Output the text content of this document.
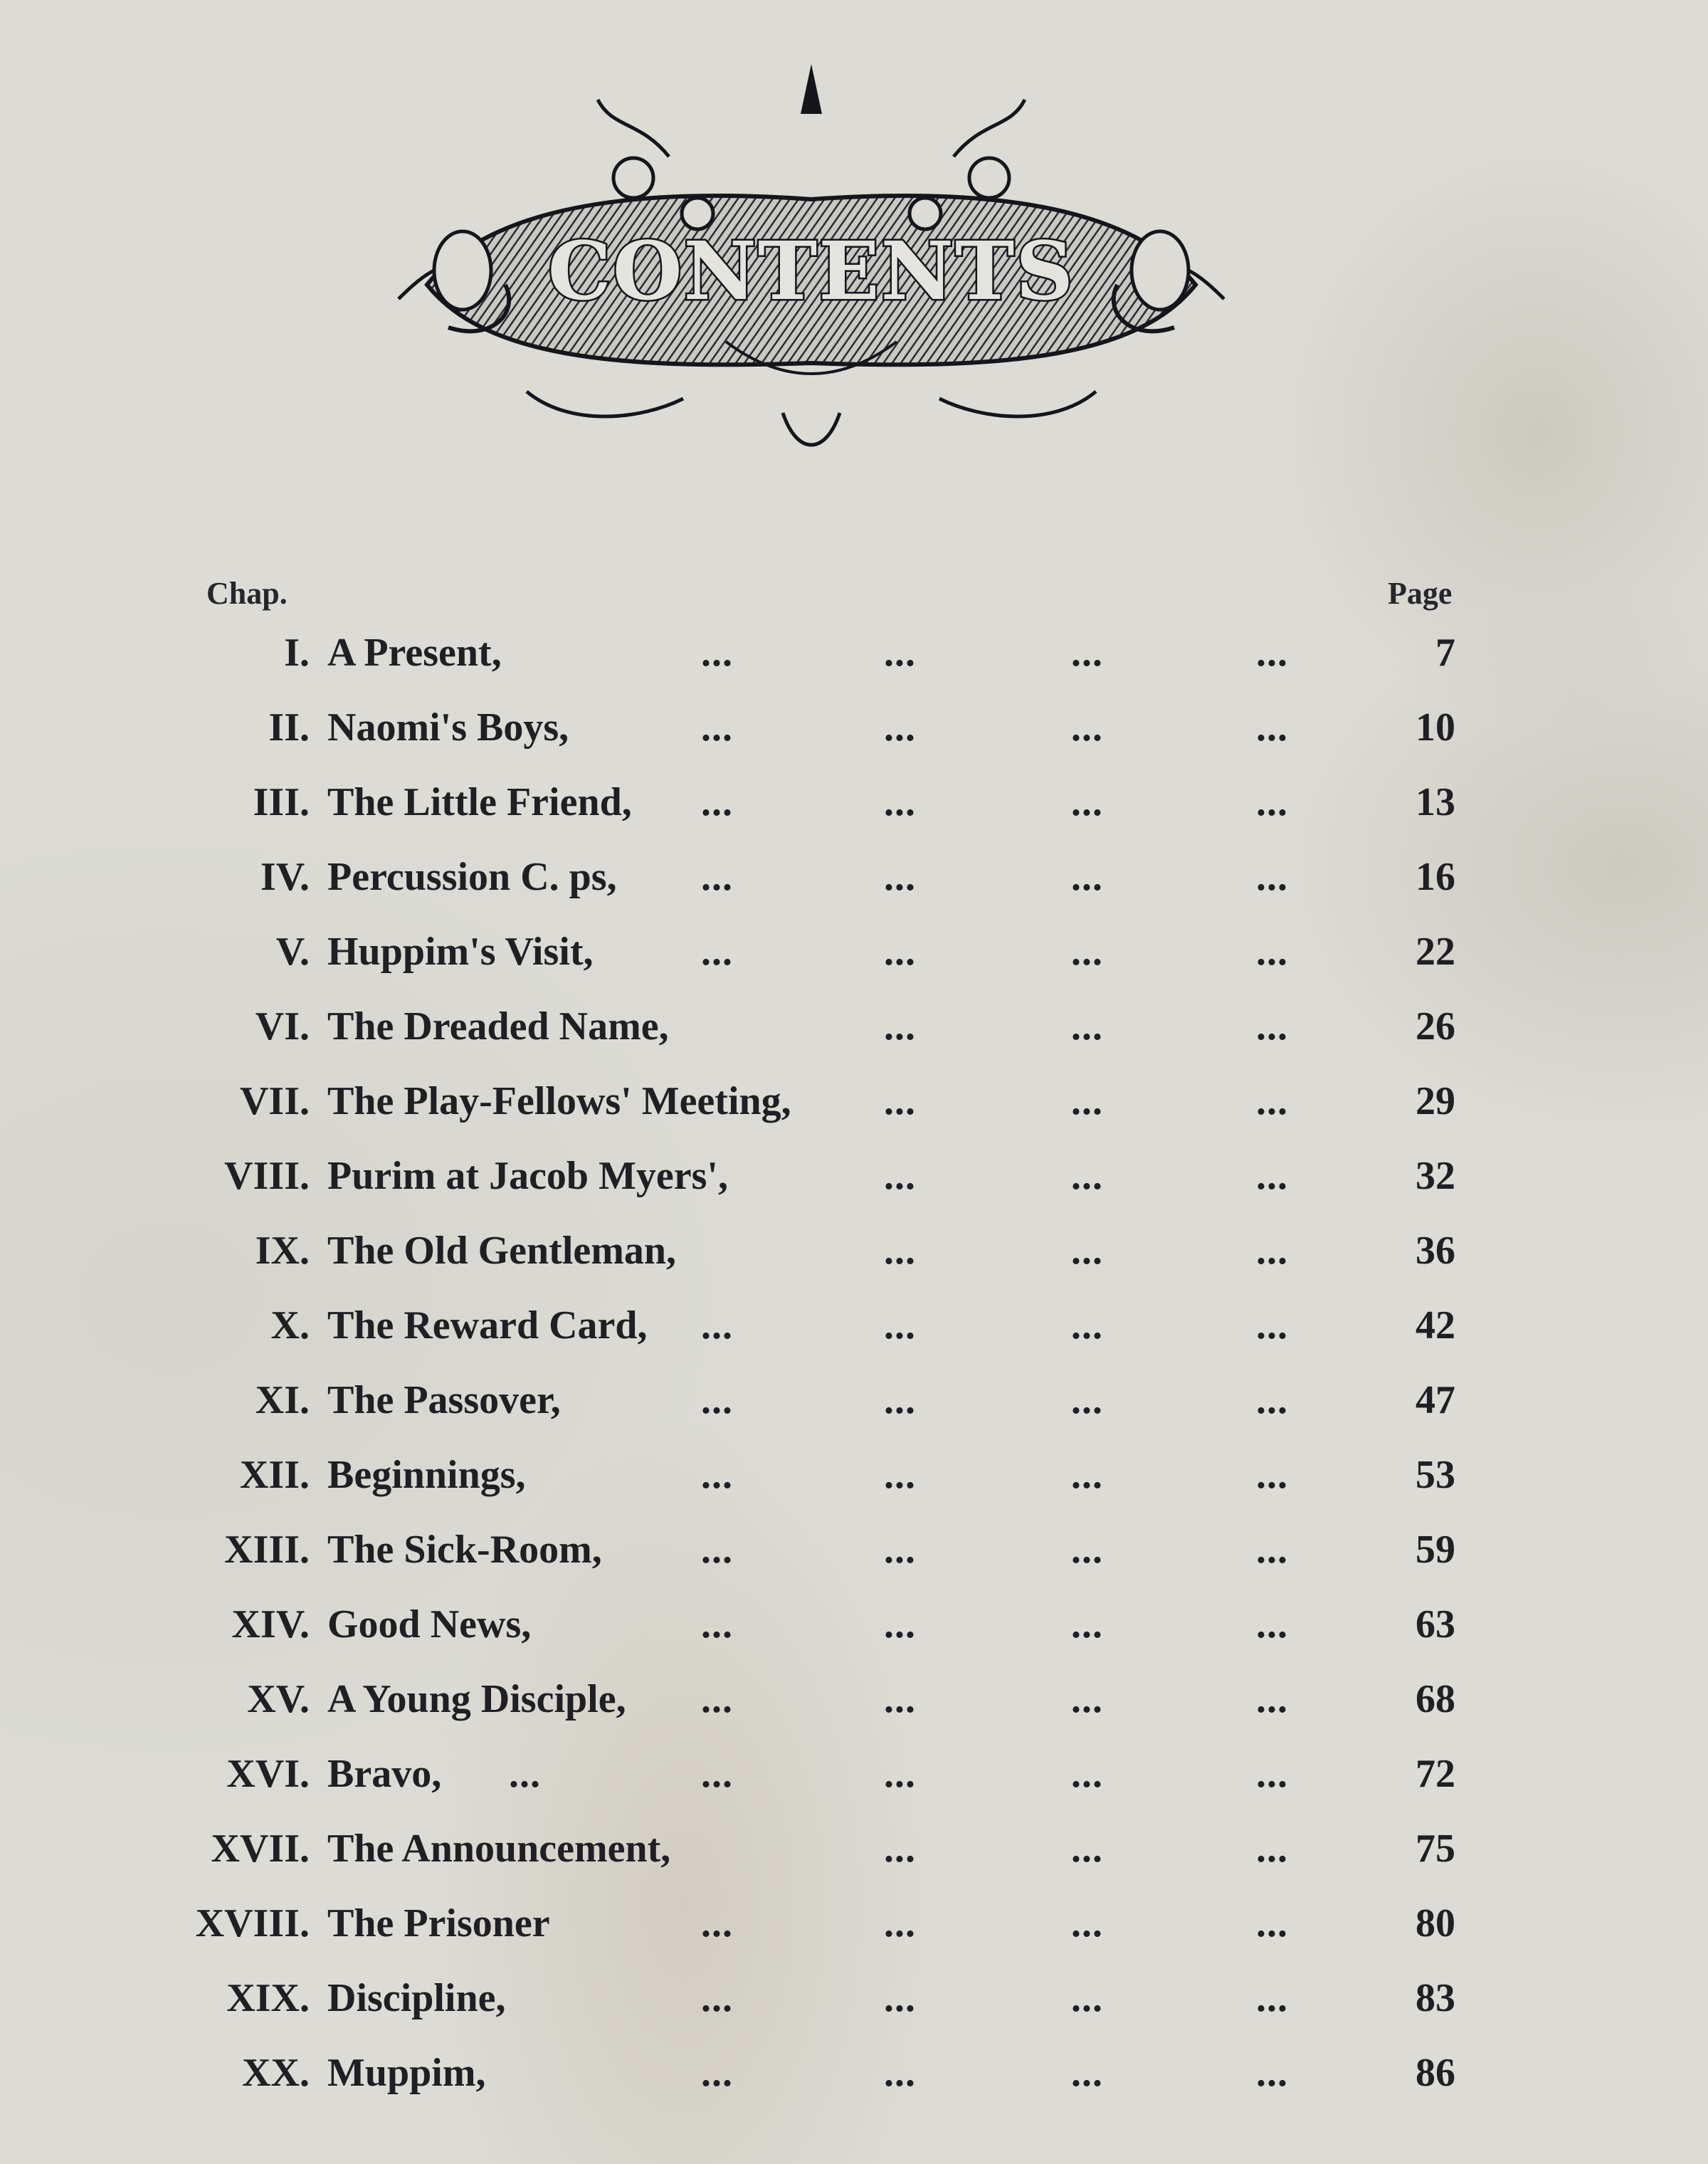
CONTENTS
Chap.	Page
I. A Present,	...	...	...	...	7
II. Naomi's Boys,	...	...	...	...	10
III. The Little Friend, ...	...	...	...	13
IV. Percussion C. ps, ...	...	...	...	16
V. Huppim's Visit,	...	...	...	...	22
VI. The Dreaded Name,	...	...	...	26
VII. The Play-Fellows' Meeting, ...	...	...	29
VIII. Purim at Jacob Myers',	...	...	...	32
IX. The Old Gentleman,	...	...	...	36
X. The Reward Card, ...	...	...	...	42
XI. The Passover,	...	...	...	...	47
XII. Beginnings,	...	...	...	...	53
XIII. The Sick-Room, ...	...	...	...	59
XIV. Good News,	...	...	...	...	63
XV. A Young Disciple, ...	...	...	...	68
XVI. Bravo, ...	...	...	...	...	72
XVII. The Announcement,	...	...	...	75
XVIII. The Prisoner	...	...	...	...	80
XIX. Discipline,	...	...	...	...	83
XX. Muppim,	...	...	...	...	86
